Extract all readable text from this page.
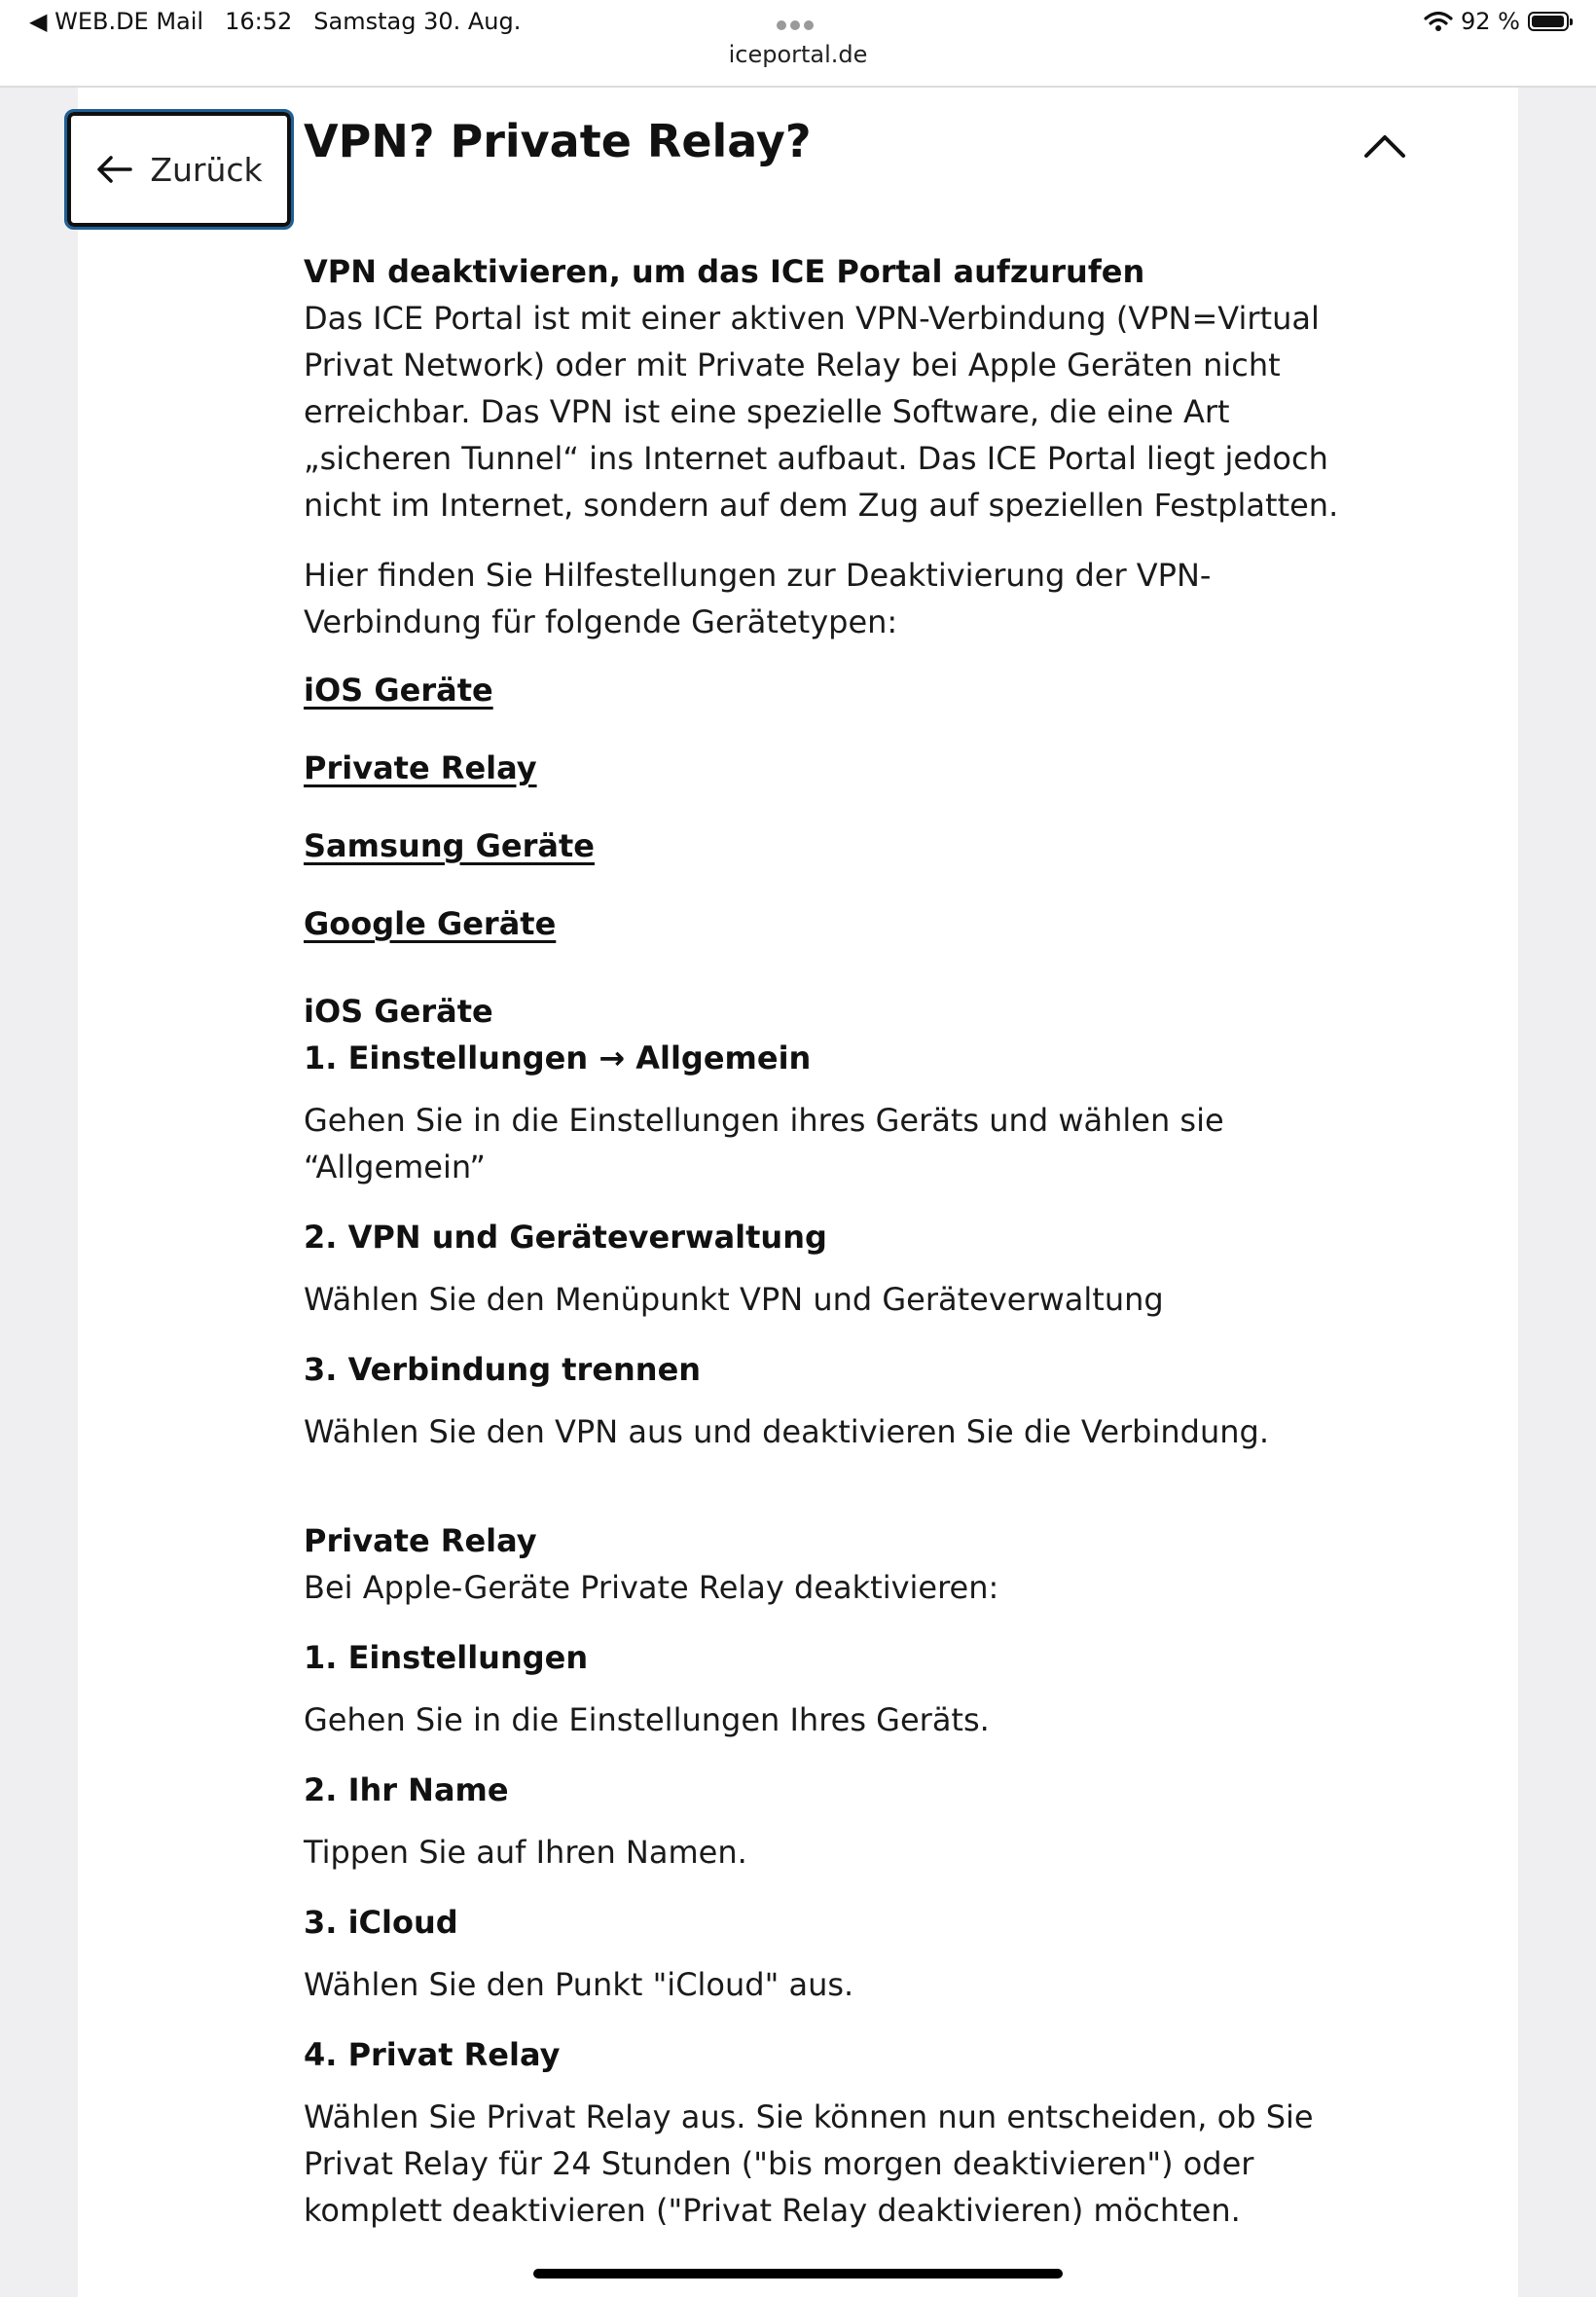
◀ WEB.DE Mail 16:52 Samstag 30. Aug.
iceportal.de
92 %
Zurück
VPN? Private Relay?

VPN deaktivieren, um das ICE Portal aufzurufen

Das ICE Portal ist mit einer aktiven VPN-Verbindung (VPN=Virtual Privat Network) oder mit Private Relay bei Apple Geräten nicht erreichbar. Das VPN ist eine spezielle Software, die eine Art „sicheren Tunnel“ ins Internet aufbaut. Das ICE Portal liegt jedoch nicht im Internet, sondern auf dem Zug auf speziellen Festplatten.

Hier finden Sie Hilfestellungen zur Deaktivierung der VPN-Verbindung für folgende Gerätetypen:

iOS Geräte
Private Relay
Samsung Geräte
Google Geräte

iOS Geräte

1. Einstellungen → Allgemein

Gehen Sie in die Einstellungen ihres Geräts und wählen sie “Allgemein”

2. VPN und Geräteverwaltung

Wählen Sie den Menüpunkt VPN und Geräteverwaltung

3. Verbindung trennen

Wählen Sie den VPN aus und deaktivieren Sie die Verbindung.

Private Relay

Bei Apple-Geräte Private Relay deaktivieren:

1. Einstellungen

Gehen Sie in die Einstellungen Ihres Geräts.

2. Ihr Name

Tippen Sie auf Ihren Namen.

3. iCloud

Wählen Sie den Punkt "iCloud" aus.

4. Privat Relay

Wählen Sie Privat Relay aus. Sie können nun entscheiden, ob Sie Privat Relay für 24 Stunden ("bis morgen deaktivieren") oder komplett deaktivieren ("Privat Relay deaktivieren) möchten.
